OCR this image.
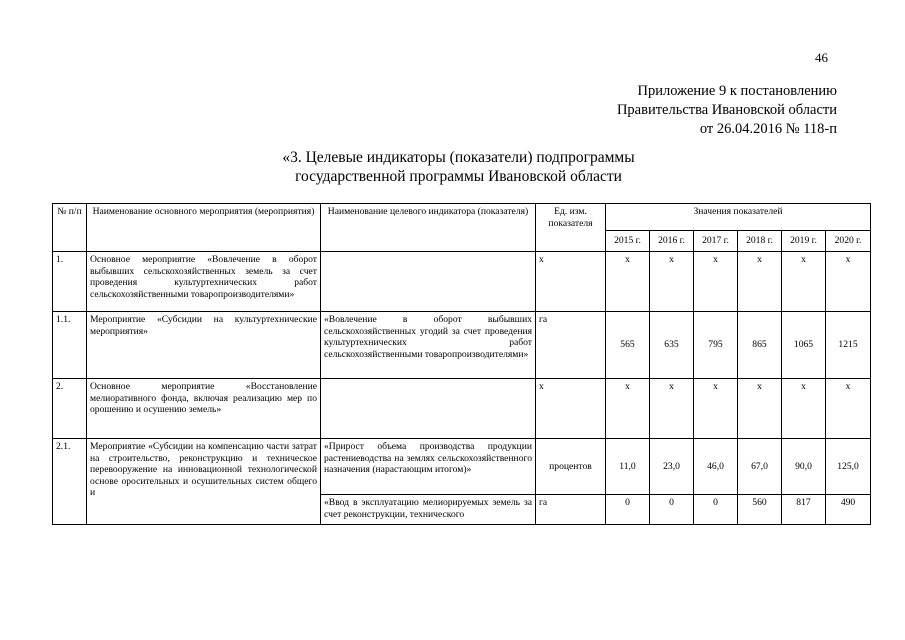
46
Приложение 9 к постановлению
Правительства Ивановской области
от 26.04.2016 № 118-п
«3. Целевые индикаторы (показатели) подпрограммы
государственной программы Ивановской области
№ п/п	Наименование основного мероприятия (мероприятия)	Наименование целевого индикатора (показателя)	Ед. изм. показателя	Значения показателей					
				2015 г.	2016 г.	2017 г.	2018 г.	2019 г.	2020 г.
1.	Основное мероприятие «Вовлечение в оборот выбывших сельскохозяйственных земель за счет проведения культуртехнических работ сельскохозяйственными товаропроизводителями»		х	х	х	х	х	х	х
1.1.	Мероприятие «Субсидии на культуртехнические мероприятия»	«Вовлечение в оборот выбывших сельскохозяйственных угодий за счет проведения культуртехнических работ сельскохозяйственными товаропроизводителями»	га	565	635	795	865	1065	1215
2.	Основное мероприятие «Восстановление мелиоративного фонда, включая реализацию мер по орошению и осушению земель»		х	х	х	х	х	х	х
2.1.	Мероприятие «Субсидии на компенсацию части затрат на строительство, реконструкцию и техническое перевооружение на инновационной технологической основе оросительных и осушительных систем общего и	«Прирост объема производства продукции растениеводства на землях сельскохозяйственного назначения (нарастающим итогом)»	процентов	11,0	23,0	46,0	67,0	90,0	125,0
		«Ввод в эксплуатацию мелиорируемых земель за счет реконструкции, технического	га	0	0	0	560	817	490
